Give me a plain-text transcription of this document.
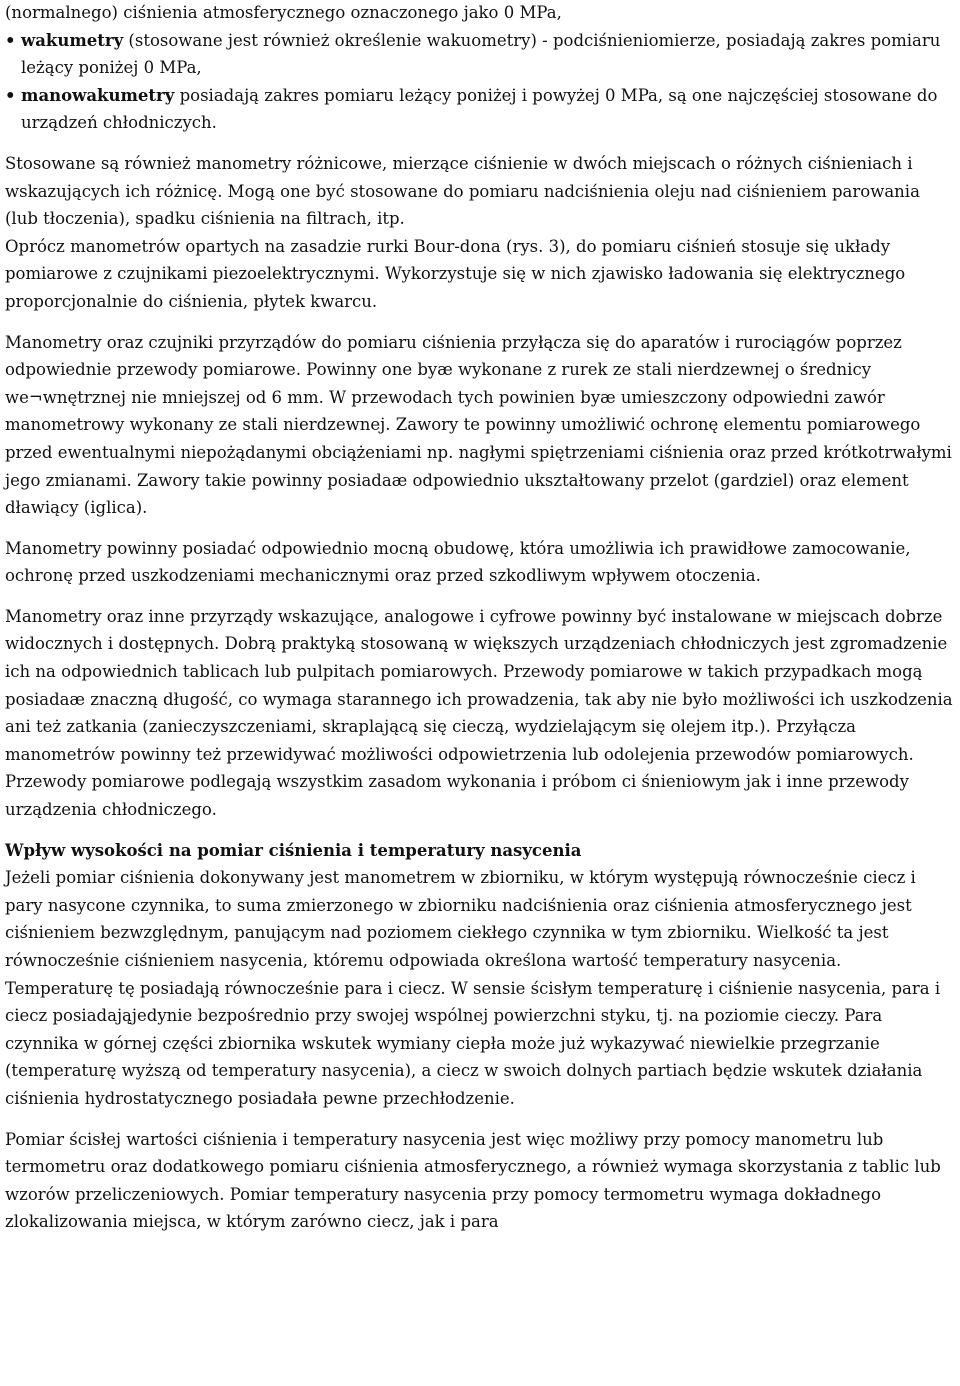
(normalnego) ciśnienia atmosferycznego oznaczonego jako 0 MPa,

• wakumetry (stosowane jest również określenie wakuometry) - podciśnieniomierze, posiadają zakres pomiaru leżący poniżej 0 MPa,
• manowakumetry posiadają zakres pomiaru leżący poniżej i powyżej 0 MPa, są one najczęściej stosowane do urządzeń chłodniczych.

Stosowane są również manometry różnicowe, mierzące ciśnienie w dwóch miejscach o różnych ciśnieniach i wskazujących ich różnicę. Mogą one być stosowane do pomiaru nadciśnienia oleju nad ciśnieniem parowania (lub tłoczenia), spadku ciśnienia na filtrach, itp.

Oprócz manometrów opartych na zasadzie rurki Bour-dona (rys. 3), do pomiaru ciśnień stosuje się układy pomiarowe z czujnikami piezoelektrycznymi. Wykorzystuje się w nich zjawisko ładowania się elektrycznego proporcjonalnie do ciśnienia, płytek kwarcu.

Manometry oraz czujniki przyrządów do pomiaru ciśnienia przyłącza się do aparatów i rurociągów poprzez odpowiednie przewody pomiarowe. Powinny one byæ wykonane z rurek ze stali nierdzewnej o średnicy we¬wnętrznej nie mniejszej od 6 mm. W przewodach tych powinien byæ umieszczony odpowiedni zawór manometrowy wykonany ze stali nierdzewnej. Zawory te powinny umożliwić ochronę elementu pomiarowego przed ewentualnymi niepożądanymi obciążeniami np. nagłymi spiętrzeniami ciśnienia oraz przed krótkotrwałymi jego zmianami. Zawory takie powinny posiadaæ odpowiednio ukształtowany przelot (gardziel) oraz element dławiący (iglica).

Manometry powinny posiadać odpowiednio mocną obudowę, która umożliwia ich prawidłowe zamocowanie, ochronę przed uszkodzeniami mechanicznymi oraz przed szkodliwym wpływem otoczenia.

Manometry oraz inne przyrządy wskazujące, analogowe i cyfrowe powinny być instalowane w miejscach dobrze widocznych i dostępnych. Dobrą praktyką stosowaną w większych urządzeniach chłodniczych jest zgromadzenie ich na odpowiednich tablicach lub pulpitach pomiarowych. Przewody pomiarowe w takich przypadkach mogą posiadaæ znaczną długość, co wymaga starannego ich prowadzenia, tak aby nie było możliwości ich uszkodzenia ani też zatkania (zanieczyszczeniami, skraplającą się cieczą, wydzielającym się olejem itp.). Przyłącza manometrów powinny też przewidywać możliwości odpowietrzenia lub odolejenia przewodów pomiarowych. Przewody pomiarowe podlegają wszystkim zasadom wykonania i próbom ci śnieniowym jak i inne przewody urządzenia chłodniczego.

Wpływ wysokości na pomiar ciśnienia i temperatury nasycenia

Jeżeli pomiar ciśnienia dokonywany jest manometrem w zbiorniku, w którym występują równocześnie ciecz i pary nasycone czynnika, to suma zmierzonego w zbiorniku nadciśnienia oraz ciśnienia atmosferycznego jest ciśnieniem bezwzględnym, panującym nad poziomem ciekłego czynnika w tym zbiorniku. Wielkość ta jest równocześnie ciśnieniem nasycenia, któremu odpowiada określona wartość temperatury nasycenia. Temperaturę tę posiadają równocześnie para i ciecz. W sensie ścisłym temperaturę i ciśnienie nasycenia, para i ciecz posiadająjedynie bezpośrednio przy swojej wspólnej powierzchni styku, tj. na poziomie cieczy. Para czynnika w górnej części zbiornika wskutek wymiany ciepła może już wykazywać niewielkie przegrzanie (temperaturę wyższą od temperatury nasycenia), a ciecz w swoich dolnych partiach będzie wskutek działania ciśnienia hydrostatycznego posiadała pewne przechłodzenie.

Pomiar ścisłej wartości ciśnienia i temperatury nasycenia jest więc możliwy przy pomocy manometru lub termometru oraz dodatkowego pomiaru ciśnienia atmosferycznego, a również wymaga skorzystania z tablic lub wzorów przeliczeniowych. Pomiar temperatury nasycenia przy pomocy termometru wymaga dokładnego zlokalizowania miejsca, w którym zarówno ciecz, jak i para
